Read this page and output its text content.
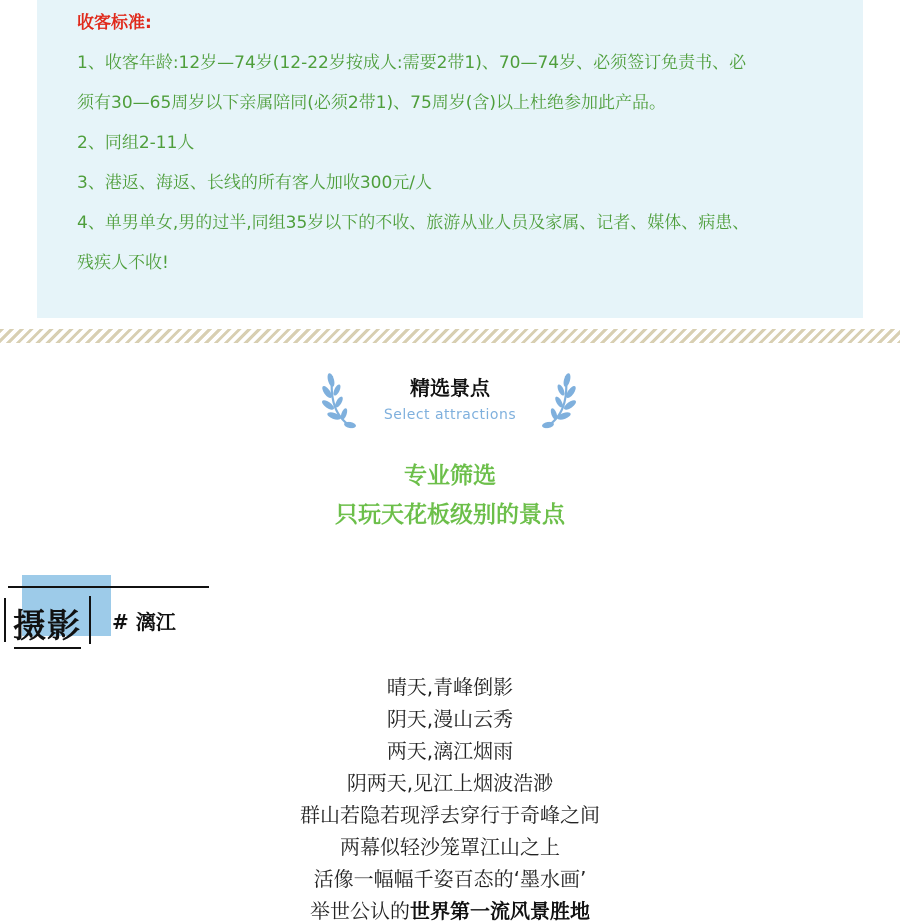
收客标准:
1、收客年龄:12岁—74岁(12-22岁按成人:需要2带1)、70—74岁、必须签订免责书、必
须有30—65周岁以下亲属陪同(必须2带1)、75周岁(含)以上杜绝参加此产品。
2、同组2-11人
3、港返、海返、长线的所有客人加收300元/人
4、单男单女,男的过半,同组35岁以下的不收、旅游从业人员及家属、记者、媒体、病患、
残疾人不收!
精选景点
Select attractions
专业筛选
只玩天花板级别的景点
摄影 # 漓江
晴天,青峰倒影
阴天,漫山云秀
两天,漓江烟雨
阴两天,见江上烟波浩渺
群山若隐若现浮去穿行于奇峰之间
两幕似轻沙笼罩江山之上
活像一幅幅千姿百态的‘墨水画’
举世公认的世界第一流风景胜地
